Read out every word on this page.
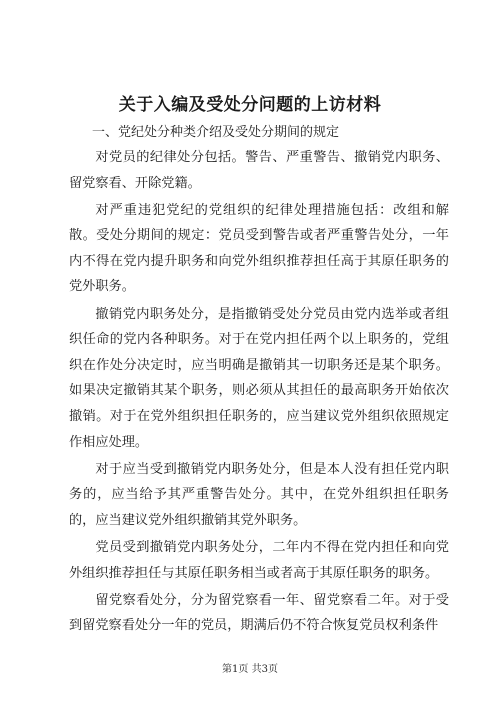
关于入编及受处分问题的上访材料
一、党纪处分种类介绍及受处分期间的规定

对党员的纪律处分包括。警告、严重警告、撤销党内职务、留党察看、开除党籍。

对严重违犯党纪的党组织的纪律处理措施包括：改组和解散。受处分期间的规定：党员受到警告或者严重警告处分，一年内不得在党内提升职务和向党外组织推荐担任高于其原任职务的党外职务。

撤销党内职务处分，是指撤销受处分党员由党内选举或者组织任命的党内各种职务。对于在党内担任两个以上职务的，党组织在作处分决定时，应当明确是撤销其一切职务还是某个职务。如果决定撤销其某个职务，则必须从其担任的最高职务开始依次撤销。对于在党外组织担任职务的，应当建议党外组织依照规定作相应处理。

对于应当受到撤销党内职务处分，但是本人没有担任党内职务的，应当给予其严重警告处分。其中，在党外组织担任职务的，应当建议党外组织撤销其党外职务。

党员受到撤销党内职务处分，二年内不得在党内担任和向党外组织推荐担任与其原任职务相当或者高于其原任职务的职务。

留党察看处分，分为留党察看一年、留党察看二年。对于受到留党察看处分一年的党员，期满后仍不符合恢复党员权利条件

第1页 共3页
